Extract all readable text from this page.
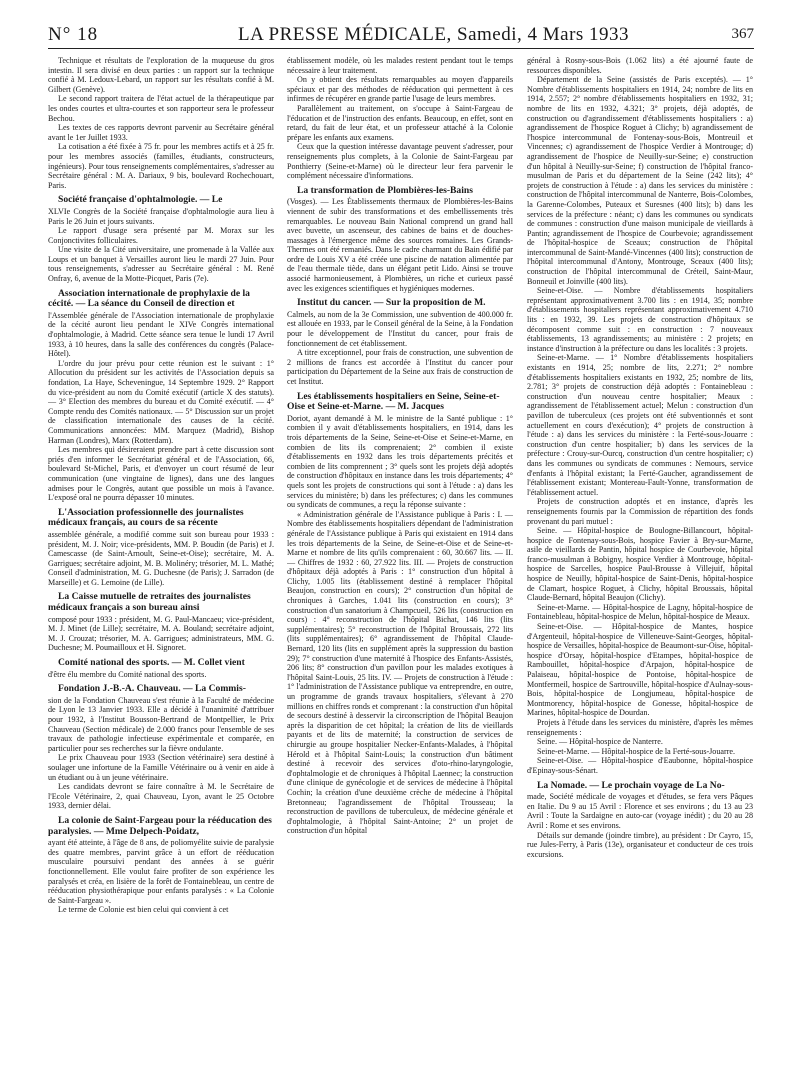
N° 18	LA PRESSE MÉDICALE, Samedi, 4 Mars 1933	367

Technique et résultats de l'exploration de la muqueuse du gros intestin. Il sera divisé en deux parties : un rapport sur la technique confié à M. Ledoux-Lebard, un rapport sur les résultats confié à M. Gilbert (Genève).

Le second rapport traitera de l'état actuel de la thérapeutique par les ondes courtes et ultra-courtes et son rapporteur sera le professeur Bechou.

Les textes de ces rapports devront parvenir au Secrétaire général avant le 1er Juillet 1933.

La cotisation a été fixée à 75 fr. pour les membres actifs et à 25 fr. pour les membres associés (familles, étudiants, constructeurs, ingénieurs). Pour tous renseignements complémentaires, s'adresser au Secrétaire général : M. A. Dariaux, 9 bis, boulevard Rochechouart, Paris.

Société française d'ophtalmologie. — Le

XLVIe Congrès de la Société française d'ophtalmologie aura lieu à Paris le 26 Juin et jours suivants.

Le rapport d'usage sera présenté par M. Morax sur les Conjonctivites folliculaires.

Une visite de la Cité universitaire, une promenade à la Vallée aux Loups et un banquet à Versailles auront lieu le mardi 27 Juin. Pour tous renseignements, s'adresser au Secrétaire général : M. René Onfray, 6, avenue de la Motte-Picquet, Paris (7e).

Association internationale de prophylaxie de la cécité. — La séance du Conseil de direction et

l'Assemblée générale de l'Association internationale de prophylaxie de la cécité auront lieu pendant le XIVe Congrès international d'ophtalmologie, à Madrid. Cette séance sera tenue le lundi 17 Avril 1933, à 10 heures, dans la salle des conférences du congrès (Palace-Hôtel).

L'ordre du jour prévu pour cette réunion est le suivant : 1° Allocution du président sur les activités de l'Association depuis sa fondation, La Haye, Scheveningue, 14 Septembre 1929. 2° Rapport du vice-président au nom du Comité exécutif (article X des statuts). — 3° Election des membres du bureau et du Comité exécutif. — 4° Compte rendu des Comités nationaux. — 5° Discussion sur un projet de classification internationale des causes de la cécité. Communications annoncées: MM. Marquez (Madrid), Bishop Harman (Londres), Marx (Rotterdam).

Les membres qui désireraient prendre part à cette discussion sont priés d'en informer le Secrétariat général et de l'Association, 66, boulevard St-Michel, Paris, et d'envoyer un court résumé de leur communication (une vingtaine de lignes), dans une des langues admises pour le Congrès, autant que possible un mois à l'avance. L'exposé oral ne pourra dépasser 10 minutes.

L'Association professionnelle des journalistes médicaux français, au cours de sa récente

assemblée générale, a modifié comme suit son bureau pour 1933 : président, M. J. Noir; vice-présidents, MM. P. Boudin (de Paris) et J. Camescasse (de Saint-Arnoult, Seine-et-Oise); secrétaire, M. A. Garrigues; secrétaire adjoint, M. B. Molinéry; trésorier, M. L. Mathé; Conseil d'administration, M. G. Duchesne (de Paris); J. Sarradon (de Marseille) et G. Lemoine (de Lille).

La Caisse mutuelle de retraites des journalistes médicaux français a son bureau ainsi

composé pour 1933 : président, M. G. Paul-Mancaeu; vice-président, M. J. Minet (de Lille); secrétaire, M. A. Bouland; secrétaire adjoint, M. J. Crouzat; trésorier, M. A. Garrigues; administrateurs, MM. G. Duchesne; M. Poumailloux et H. Signoret.

Comité national des sports. — M. Collet vient

d'être élu membre du Comité national des sports.

Fondation J.-B.-A. Chauveau. — La Commis-

sion de la Fondation Chauveau s'est réunie à la Faculté de médecine de Lyon le 13 Janvier 1933. Elle a décidé à l'unanimité d'attribuer pour 1932, à l'Institut Bousson-Bertrand de Montpellier, le Prix Chauveau (Section médicale) de 2.000 francs pour l'ensemble de ses travaux de pathologie infectieuse expérimentale et comparée, en particulier pour ses recherches sur la fièvre ondulante.

Le prix Chauveau pour 1933 (Section vétérinaire) sera destiné à soulager une infortune de la Famille Vétérinaire ou à venir en aide à un étudiant ou à un jeune vétérinaire.

Les candidats devront se faire connaître à M. le Secrétaire de l'Ecole Vétérinaire, 2, quai Chauveau, Lyon, avant le 25 Octobre 1933, dernier délai.

La colonie de Saint-Fargeau pour la rééducation des paralysies. — Mme Delpech-Poidatz,

ayant été atteinte, à l'âge de 8 ans, de poliomyélite suivie de paralysie des quatre membres, parvint grâce à un effort de rééducation musculaire poursuivi pendant des années à se guérir fonctionnellement. Elle voulut faire profiter de son expérience les paralysés et créa, en lisière de la forêt de Fontainebleau, un centre de rééducation physiothérapique pour enfants paralysés : « La Colonie de Saint-Fargeau ».

Le terme de Colonie est bien celui qui convient à cet

établissement modèle, où les malades restent pendant tout le temps nécessaire à leur traitement.

On y obtient des résultats remarquables au moyen d'appareils spéciaux et par des méthodes de rééducation qui permettent à ces infirmes de récupérer en grande partie l'usage de leurs membres.

Parallèlement au traitement, on s'occupe à Saint-Fargeau de l'éducation et de l'instruction des enfants. Beaucoup, en effet, sont en retard, du fait de leur état, et un professeur attaché à la Colonie prépare les enfants aux examens.

Ceux que la question intéresse davantage peuvent s'adresser, pour renseignements plus complets, à la Colonie de Saint-Fargeau par Ponthierry (Seine-et-Marne) où le directeur leur fera parvenir le complément nécessaire d'informations.

La transformation de Plombières-les-Bains

(Vosges). — Les Établissements thermaux de Plombières-les-Bains viennent de subir des transformations et des embellissements très remarquables. Le nouveau Bain National comprend un grand hall avec buvette, un ascenseur, des cabines de bains et de douches-massages à l'émergence même des sources romaines. Les Grands-Thermes ont été remaniés. Dans le cadre charmant du Bain édifié par ordre de Louis XV a été créée une piscine de natation alimentée par de l'eau thermale tiède, dans un élégant petit Lido. Ainsi se trouve associé harmonieusement, à Plombières, un riche et curieux passé avec les exigences scientifiques et hygiéniques modernes.

Institut du cancer. — Sur la proposition de M.

Calmels, au nom de la 3e Commission, une subvention de 400.000 fr. est allouée en 1933, par le Conseil général de la Seine, à la Fondation pour le développement de l'Institut du cancer, pour frais de fonctionnement de cet établissement.

A titre exceptionnel, pour frais de construction, une subvention de 2 millions de francs est accordée à l'Institut du cancer pour participation du Département de la Seine aux frais de construction de cet Institut.

Les établissements hospitaliers en Seine, Seine-et-Oise et Seine-et-Marne. — M. Jacques

Doriot, ayant demandé à M. le ministre de la Santé publique : 1° combien il y avait d'établissements hospitaliers, en 1914, dans les trois départements de la Seine, Seine-et-Oise et Seine-et-Marne, en combien de lits ils comprenaient; 2° combien il existe d'établissements en 1932 dans les trois départements précités et combien de lits comprennent ; 3° quels sont les projets déjà adoptés de construction d'hôpitaux en instance dans les trois départements; 4° quels sont les projets de constructions qui sont à l'étude : a) dans les services du ministère; b) dans les préfectures; c) dans les communes ou syndicats de communes, a reçu la réponse suivante :

« Administration générale de l'Assistance publique à Paris : I. — Nombre des établissements hospitaliers dépendant de l'administration générale de l'Assistance publique à Paris qui existaient en 1914 dans les trois départements de la Seine, de Seine-et-Oise et de Seine-et-Marne et nombre de lits qu'ils comprenaient : 60, 30.667 lits. — II. — Chiffres de 1932 : 60, 27.922 lits. III. — Projets de construction d'hôpitaux déjà adoptés à Paris : 1° construction d'un hôpital à Clichy, 1.005 lits (établissement destiné à remplacer l'hôpital Beaujon, construction en cours); 2° construction d'un hôpital de chroniques à Garches, 1.041 lits (construction en cours); 3° construction d'un sanatorium à Champcueil, 526 lits (construction en cours) : 4° reconstruction de l'hôpital Bichat, 146 lits (lits supplémentaires); 5° reconstruction de l'hôpital Broussais, 272 lits (lits supplémentaires); 6° agrandissement de l'hôpital Claude-Bernard, 120 lits (lits en supplément après la suppression du bastion 29); 7° construction d'une maternité à l'hospice des Enfants-Assistés, 206 lits; 8° construction d'un pavillon pour les malades exotiques à l'hôpital Saint-Louis, 25 lits. IV. — Projets de construction à l'étude : 1° l'administration de l'Assistance publique va entreprendre, en outre, un programme de grands travaux hospitaliers, s'élevant à 270 millions en chiffres ronds et comprenant : la construction d'un hôpital de secours destiné à desservir la circonscription de l'hôpital Beaujon après la disparition de cet hôpital; la création de lits de vieillards payants et de lits de maternité; la construction de services de chirurgie au groupe hospitalier Necker-Enfants-Malades, à l'hôpital Hérold et à l'hôpital Saint-Louis; la construction d'un bâtiment destiné à recevoir des services d'oto-rhino-laryngologie, d'ophtalmologie et de chroniques à l'hôpital Laennec; la construction d'une clinique de gynécologie et de services de médecine à l'hôpital Cochin; la création d'une deuxième crèche de médecine à l'hôpital Bretonneau; l'agrandissement de l'hôpital Trousseau; la reconstruction de pavillons de tuberculeux, de médecine générale et d'ophtalmologie, à l'hôpital Saint-Antoine; 2° un projet de construction d'un hôpital

général à Rosny-sous-Bois (1.062 lits) a été ajourné faute de ressources disponibles.

Département de la Seine (assistés de Paris exceptés). — 1° Nombre d'établissements hospitaliers en 1914, 24; nombre de lits en 1914, 2.557; 2° nombre d'établissements hospitaliers en 1932, 31; nombre de lits en 1932, 4.321; 3° projets, déjà adoptés, de construction ou d'agrandissement d'établissements hospitaliers : a) agrandissement de l'hospice Roguet à Clichy; b) agrandissement de l'hospice intercommunal de Fontenay-sous-Bois, Montreuil et Vincennes; c) agrandissement de l'hospice Verdier à Montrouge; d) agrandissement de l'hospice de Neuilly-sur-Seine; e) construction d'un hôpital à Neuilly-sur-Seine; f) construction de l'hôpital franco-musulman de Paris et du département de la Seine (242 lits); 4° projets de construction à l'étude : a) dans les services du ministère : construction de l'hôpital intercommunal de Nanterre, Bois-Colombes, la Garenne-Colombes, Puteaux et Suresnes (400 lits); b) dans les services de la préfecture : néant; c) dans les communes ou syndicats de communes : construction d'une maison municipale de vieillards à Pantin; agrandissement de l'hospice de Courbevoie; agrandissement de l'hôpital-hospice de Sceaux; construction de l'hôpital intercommunal de Saint-Mandé-Vincennes (400 lits); construction de l'hôpital intercommunal d'Antony, Montrouge, Sceaux (400 lits); construction de l'hôpital intercommunal de Créteil, Saint-Maur, Bonneuil et Joinville (400 lits).

Seine-et-Oise. — Nombre d'établissements hospitaliers représentant approximativement 3.700 lits : en 1914, 35; nombre d'établissements hospitaliers représentant approximativement 4.710 lits : en 1932, 39. Les projets de construction d'hôpitaux se décomposent comme suit : en construction : 7 nouveaux établissements, 13 agrandissements; au ministère : 2 projets; en instance d'instruction à la préfecture ou dans les localités : 3 projets.

Seine-et-Marne. — 1° Nombre d'établissements hospitaliers existants en 1914, 25; nombre de lits, 2.271; 2° nombre d'établissements hospitaliers existants en 1932, 25; nombre de lits, 2.781; 3° projets de construction déjà adoptés : Fontainebleau : construction d'un nouveau centre hospitalier; Meaux : agrandissement de l'établissement actuel; Melun : construction d'un pavillon de tuberculeux (ces projets ont été subventionnés et sont actuellement en cours d'exécution); 4° projets de construction à l'étude : a) dans les services du ministère : la Ferté-sous-Jouarre : construction d'un centre hospitalier; b) dans les services de la préfecture : Crouy-sur-Ourcq, construction d'un centre hospitalier; c) dans les communes ou syndicats de communes : Nemours, service d'enfants à l'hôpital existant; la Ferté-Gaucher, agrandissement de l'établissement existant; Montereau-Fault-Yonne, transformation de l'établissement actuel.

Projets de construction adoptés et en instance, d'après les renseignements fournis par la Commission de répartition des fonds provenant du pari mutuel :

Seine. — Hôpital-hospice de Boulogne-Billancourt, hôpital-hospice de Fontenay-sous-Bois, hospice Favier à Bry-sur-Marne, asile de vieillards de Pantin, hôpital hospice de Courbevoie, hôpital franco-musulman à Bobigny, hospice Verdier à Montrouge, hôpital-hospice de Sarcelles, hospice Paul-Brousse à Villejuif, hôpital hospice de Neuilly, hôpital-hospice de Saint-Denis, hôpital-hospice de Clamart, hospice Roguet, à Clichy, hôpital Broussais, hôpital Claude-Bernard, hôpital Beaujon (Clichy).

Seine-et-Marne. — Hôpital-hospice de Lagny, hôpital-hospice de Fontainebleau, hôpital-hospice de Melun, hôpital-hospice de Meaux.

Seine-et-Oise. — Hôpital-hospice de Mantes, hospice d'Argenteuil, hôpital-hospice de Villeneuve-Saint-Georges, hôpital-hospice de Versailles, hôpital-hospice de Beaumont-sur-Oise, hôpital-hospice d'Orsay, hôpital-hospice d'Etampes, hôpital-hospice de Rambouillet, hôpital-hospice d'Arpajon, hôpital-hospice de Palaiseau, hôpital-hospice de Pontoise, hôpital-hospice de Montfermeil, hospice de Sartrouville, hôpital-hospice d'Aulnay-sous-Bois, hôpital-hospice de Longjumeau, hôpital-hospice de Montmorency, hôpital-hospice de Gonesse, hôpital-hospice de Marines, hôpital-hospice de Dourdan.

Projets à l'étude dans les services du ministère, d'après les mêmes renseignements :

Seine. — Hôpital-hospice de Nanterre.

Seine-et-Marne. — Hôpital-hospice de la Ferté-sous-Jouarre.

Seine-et-Oise. — Hôpital-hospice d'Eaubonne, hôpital-hospice d'Epinay-sous-Sénart.

La Nomade. — Le prochain voyage de La No-

made, Société médicale de voyages et d'études, se fera vers Pâques en Italie. Du 9 au 15 Avril : Florence et ses environs ; du 13 au 23 Avril : Toute la Sardaigne en auto-car (voyage inédit) ; du 20 au 28 Avril : Rome et ses environs.

Détails sur demande (joindre timbre), au président : Dr Cayro, 15, rue Jules-Ferry, à Paris (13e), organisateur et conducteur de ces trois excursions.
